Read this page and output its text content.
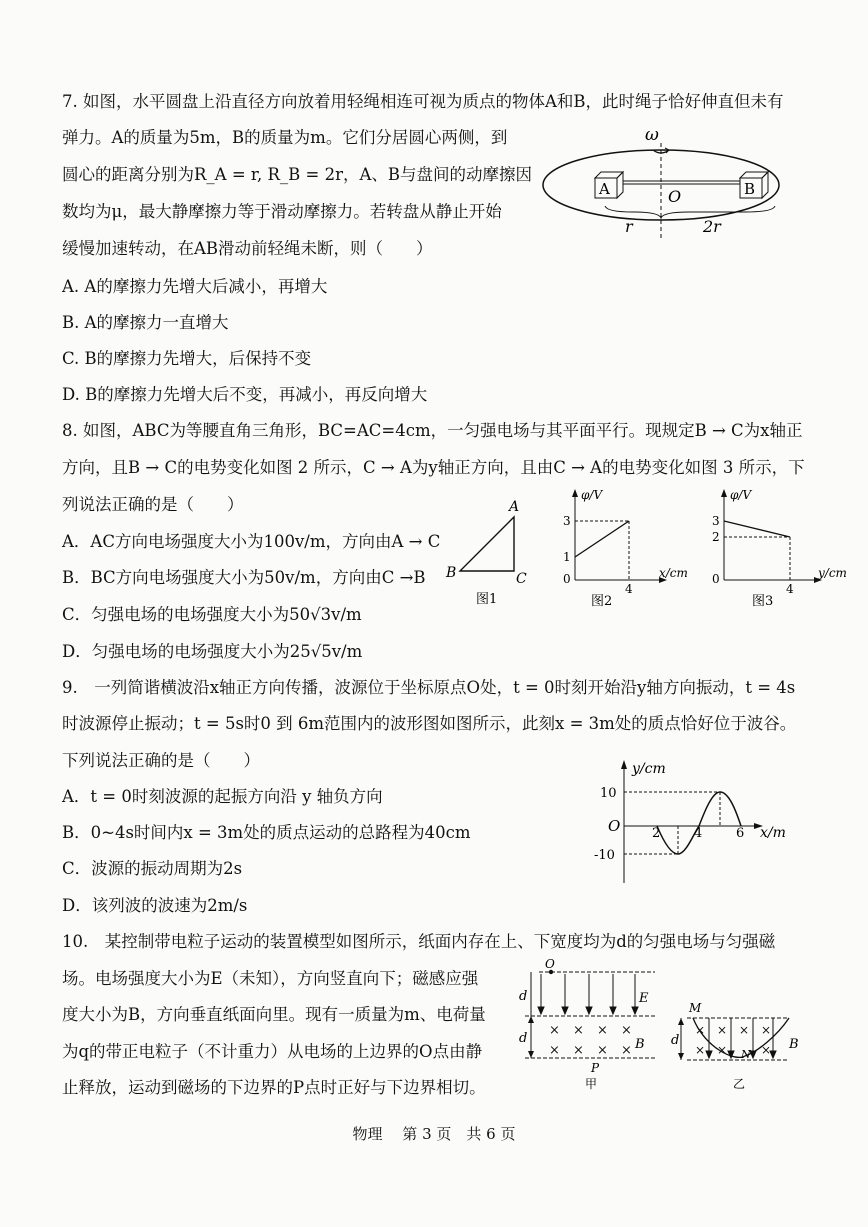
7. 如图，水平圆盘上沿直径方向放着用轻绳相连可视为质点的物体A和B，此时绳子恰好伸直但未有
弹力。A的质量为5m，B的质量为m。它们分居圆心两侧，到
圆心的距离分别为R_A = r, R_B = 2r，A、B与盘间的动摩擦因
数均为μ，最大静摩擦力等于滑动摩擦力。若转盘从静止开始
缓慢加速转动，在AB滑动前轻绳未断，则（　　）
A. A的摩擦力先增大后减小，再增大
B. A的摩擦力一直增大
C. B的摩擦力先增大，后保持不变
D. B的摩擦力先增大后不变，再减小，再反向增大
ω
A	B
O
r	2r
8. 如图，ABC为等腰直角三角形，BC=AC=4cm，一匀强电场与其平面平行。现规定B → C为x轴正
方向，且B → C的电势变化如图 2 所示，C → A为y轴正方向，且由C → A的电势变化如图 3 所示，下
列说法正确的是（　　）
A．AC方向电场强度大小为100v/m，方向由A → C
B．BC方向电场强度大小为50v/m，方向由C →B
C．匀强电场的电场强度大小为50√3v/m
D．匀强电场的电场强度大小为25√5v/m
A
B	C
图1
φ/V
x/cm
3
1
0
4
图2
φ/V
y/cm
3
2
0
4
图3
9.　一列简谐横波沿x轴正方向传播，波源位于坐标原点O处，t = 0时刻开始沿y轴方向振动，t = 4s
时波源停止振动；t = 5s时0 到 6m范围内的波形图如图所示，此刻x = 3m处的质点恰好位于波谷。
下列说法正确的是（　　）
A．t = 0时刻波源的起振方向沿 y 轴负方向
B．0~4s时间内x = 3m处的质点运动的总路程为40cm
C．波源的振动周期为2s
D．该列波的波速为2m/s
y/cm
x/m
O
10
-10
2	4	6
10.　某控制带电粒子运动的装置模型如图所示，纸面内存在上、下宽度均为d的匀强电场与匀强磁
场。电场强度大小为E（未知），方向竖直向下；磁感应强
度大小为B，方向垂直纸面向里。现有一质量为m、电荷量
为q的带正电粒子（不计重力）从电场的上边界的O点由静
止释放，运动到磁场的下边界的P点时正好与下边界相切。
d
d
O
E
× × × ×
× × × × B
P
甲
d
M
× × × ×
× ×	×
N
B
乙
物理　 第 3 页　共 6 页
